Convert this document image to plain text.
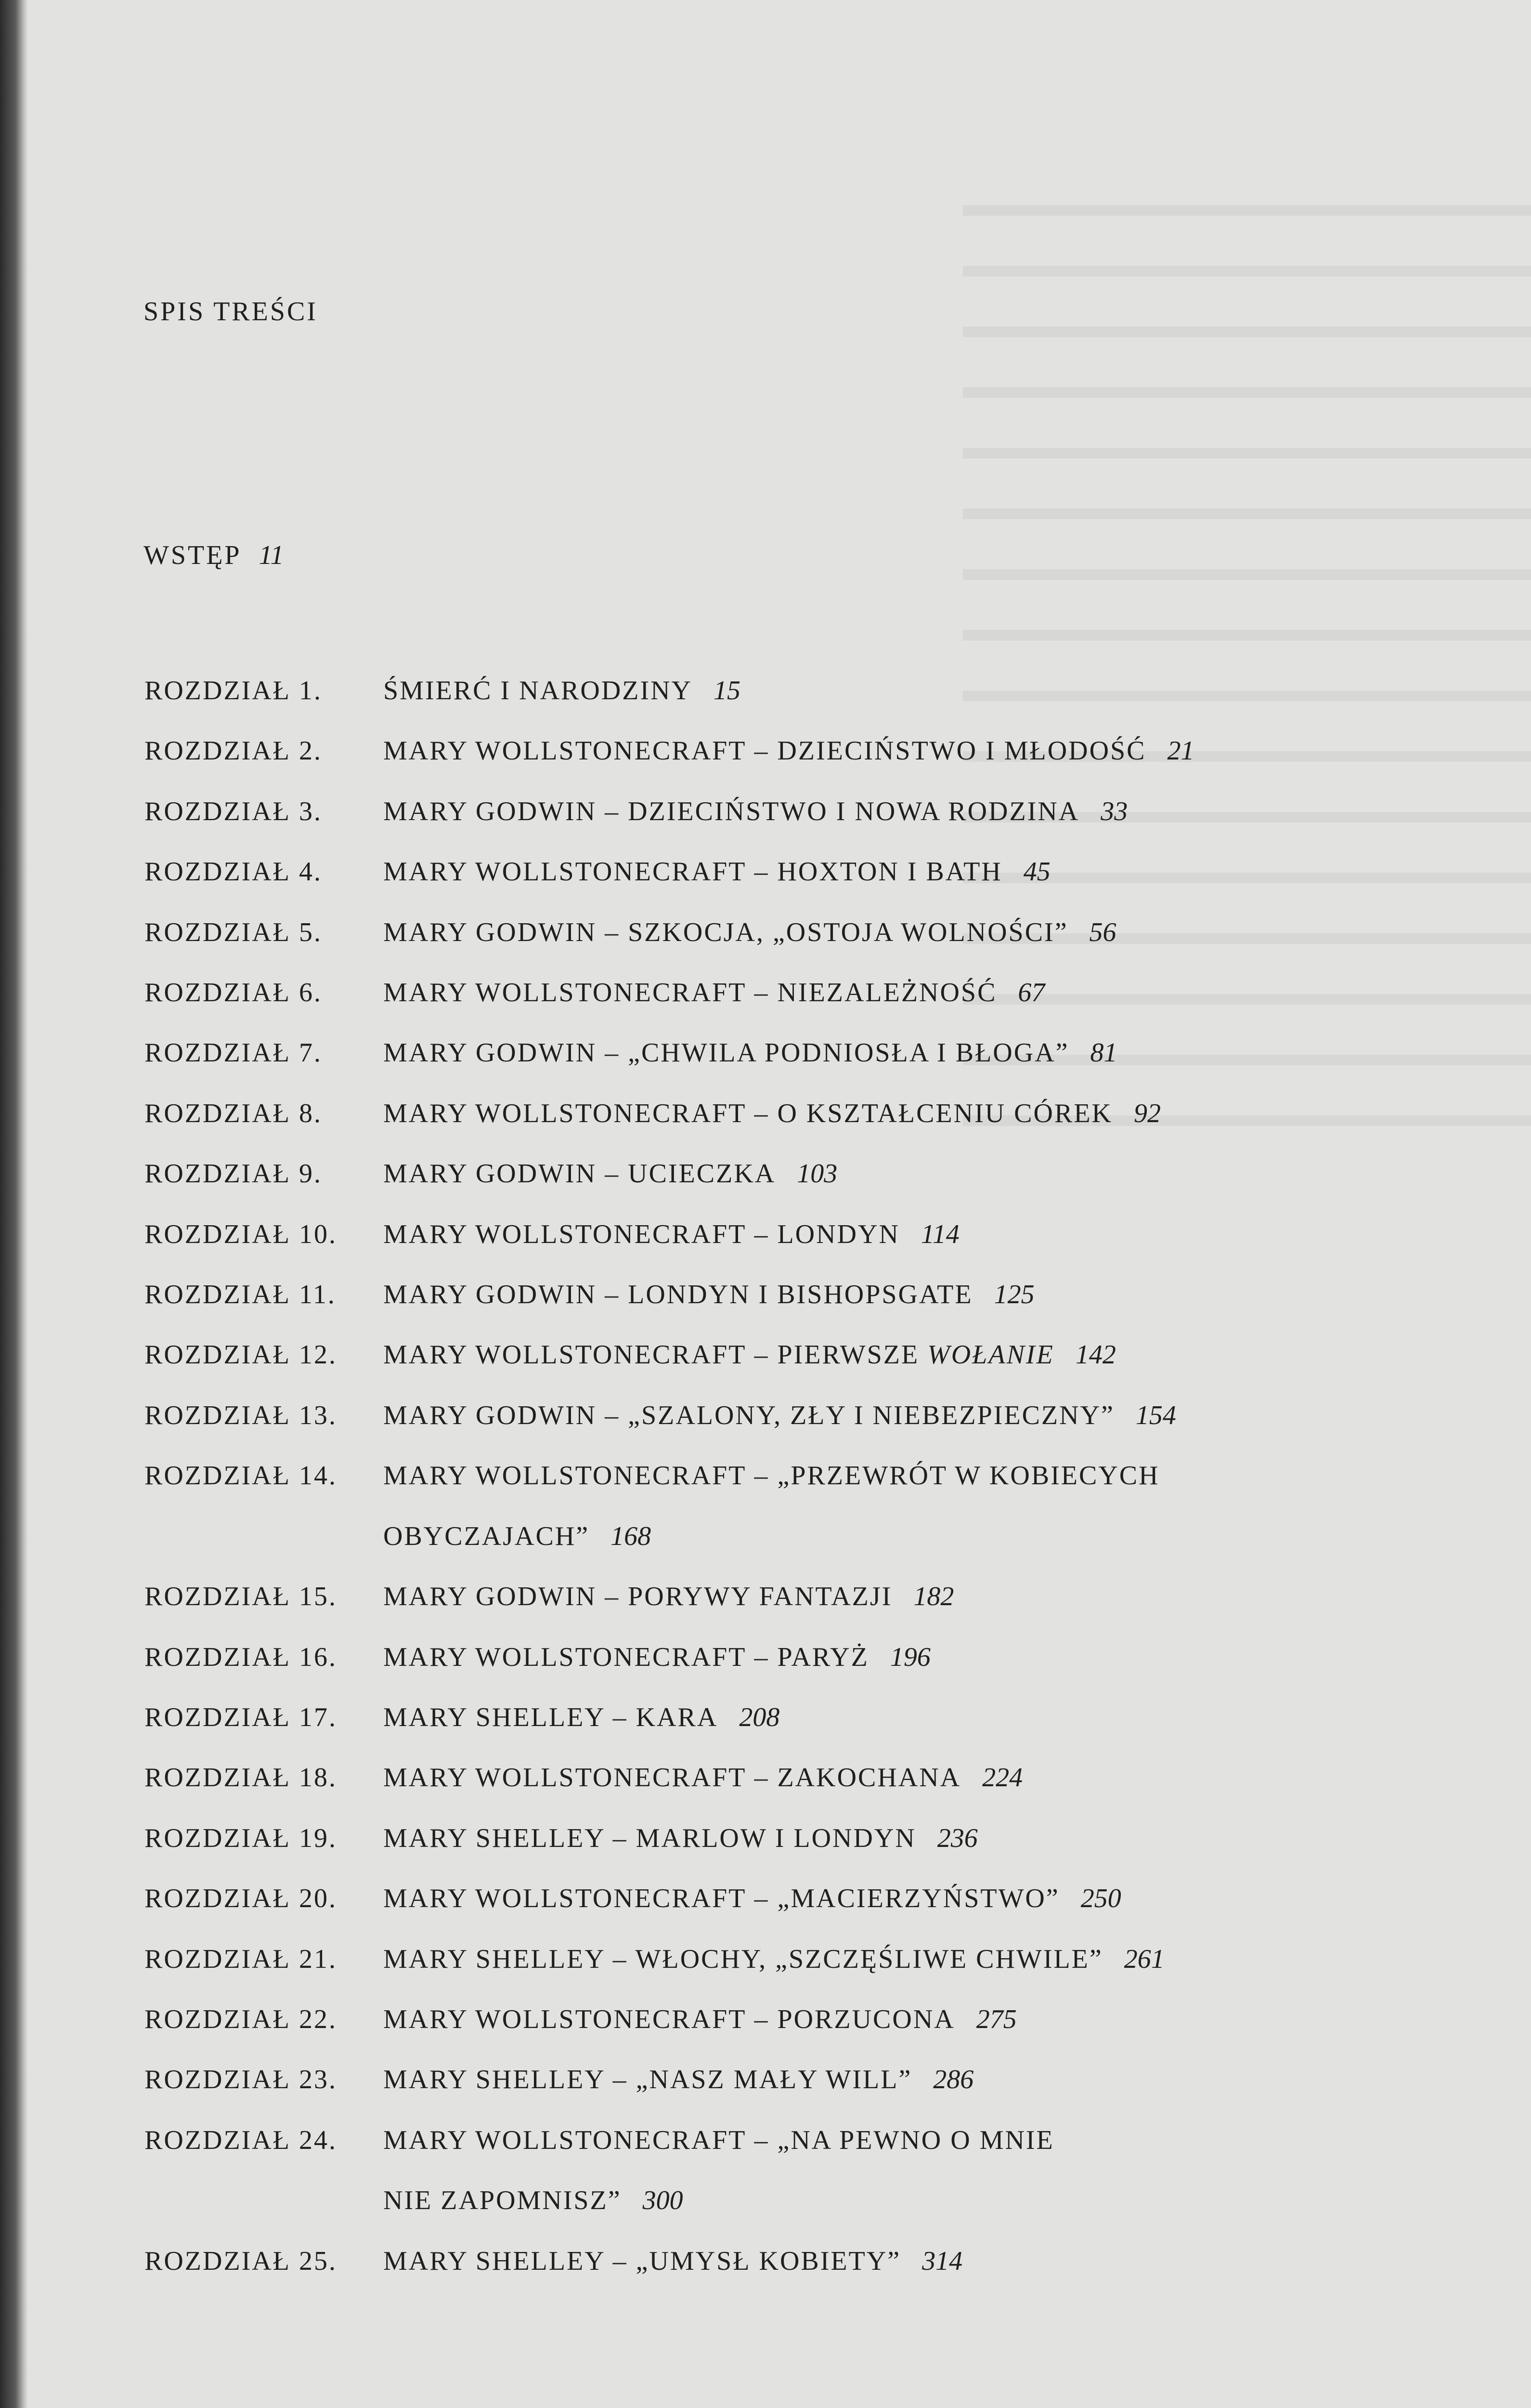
SPIS TREŚCI
WSTĘP 11
ROZDZIAŁ 1.	ŚMIERĆ I NARODZINY 15
ROZDZIAŁ 2.	MARY WOLLSTONECRAFT – DZIECIŃSTWO I MŁODOŚĆ 21
ROZDZIAŁ 3.	MARY GODWIN – DZIECIŃSTWO I NOWA RODZINA 33
ROZDZIAŁ 4.	MARY WOLLSTONECRAFT – HOXTON I BATH 45
ROZDZIAŁ 5.	MARY GODWIN – SZKOCJA, „OSTOJA WOLNOŚCI” 56
ROZDZIAŁ 6.	MARY WOLLSTONECRAFT – NIEZALEŻNOŚĆ 67
ROZDZIAŁ 7.	MARY GODWIN – „CHWILA PODNIOSŁA I BŁOGA” 81
ROZDZIAŁ 8.	MARY WOLLSTONECRAFT – O KSZTAŁCENIU CÓREK 92
ROZDZIAŁ 9.	MARY GODWIN – UCIECZKA 103
ROZDZIAŁ 10.	MARY WOLLSTONECRAFT – LONDYN 114
ROZDZIAŁ 11.	MARY GODWIN – LONDYN I BISHOPSGATE 125
ROZDZIAŁ 12.	MARY WOLLSTONECRAFT – PIERWSZE WOŁANIE 142
ROZDZIAŁ 13.	MARY GODWIN – „SZALONY, ZŁY I NIEBEZPIECZNY” 154
ROZDZIAŁ 14.	MARY WOLLSTONECRAFT – „PRZEWRÓT W KOBIECYCH
OBYCZAJACH” 168
ROZDZIAŁ 15.	MARY GODWIN – PORYWY FANTAZJI 182
ROZDZIAŁ 16.	MARY WOLLSTONECRAFT – PARYŻ 196
ROZDZIAŁ 17.	MARY SHELLEY – KARA 208
ROZDZIAŁ 18.	MARY WOLLSTONECRAFT – ZAKOCHANA 224
ROZDZIAŁ 19.	MARY SHELLEY – MARLOW I LONDYN 236
ROZDZIAŁ 20.	MARY WOLLSTONECRAFT – „MACIERZYŃSTWO” 250
ROZDZIAŁ 21.	MARY SHELLEY – WŁOCHY, „SZCZĘŚLIWE CHWILE” 261
ROZDZIAŁ 22.	MARY WOLLSTONECRAFT – PORZUCONA 275
ROZDZIAŁ 23.	MARY SHELLEY – „NASZ MAŁY WILL” 286
ROZDZIAŁ 24.	MARY WOLLSTONECRAFT – „NA PEWNO O MNIE
NIE ZAPOMNISZ” 300
ROZDZIAŁ 25.	MARY SHELLEY – „UMYSŁ KOBIETY” 314
